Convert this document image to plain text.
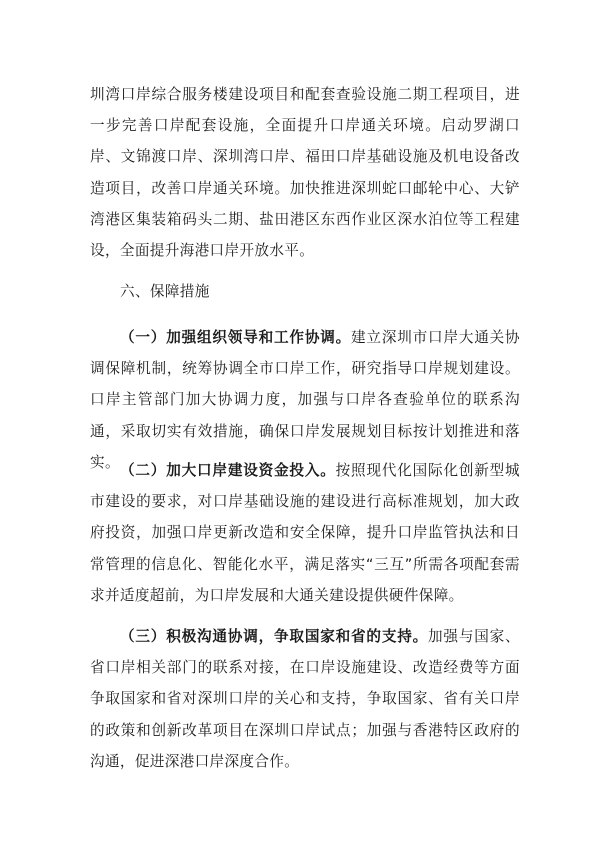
圳湾口岸综合服务楼建设项目和配套查验设施二期工程项目，进一步完善口岸配套设施，全面提升口岸通关环境。启动罗湖口岸、文锦渡口岸、深圳湾口岸、福田口岸基础设施及机电设备改造项目，改善口岸通关环境。加快推进深圳蛇口邮轮中心、大铲湾港区集装箱码头二期、盐田港区东西作业区深水泊位等工程建设，全面提升海港口岸开放水平。

六、保障措施

（一）加强组织领导和工作协调。建立深圳市口岸大通关协调保障机制，统筹协调全市口岸工作，研究指导口岸规划建设。口岸主管部门加大协调力度，加强与口岸各查验单位的联系沟通，采取切实有效措施，确保口岸发展规划目标按计划推进和落实。 （二）加大口岸建设资金投入。按照现代化国际化创新型城市建设的要求，对口岸基础设施的建设进行高标准规划，加大政府投资，加强口岸更新改造和安全保障，提升口岸监管执法和日常管理的信息化、智能化水平，满足落实“三互”所需各项配套需求并适度超前，为口岸发展和大通关建设提供硬件保障。

（三）积极沟通协调，争取国家和省的支持。加强与国家、省口岸相关部门的联系对接，在口岸设施建设、改造经费等方面争取国家和省对深圳口岸的关心和支持，争取国家、省有关口岸的政策和创新改革项目在深圳口岸试点；加强与香港特区政府的沟通，促进深港口岸深度合作。
